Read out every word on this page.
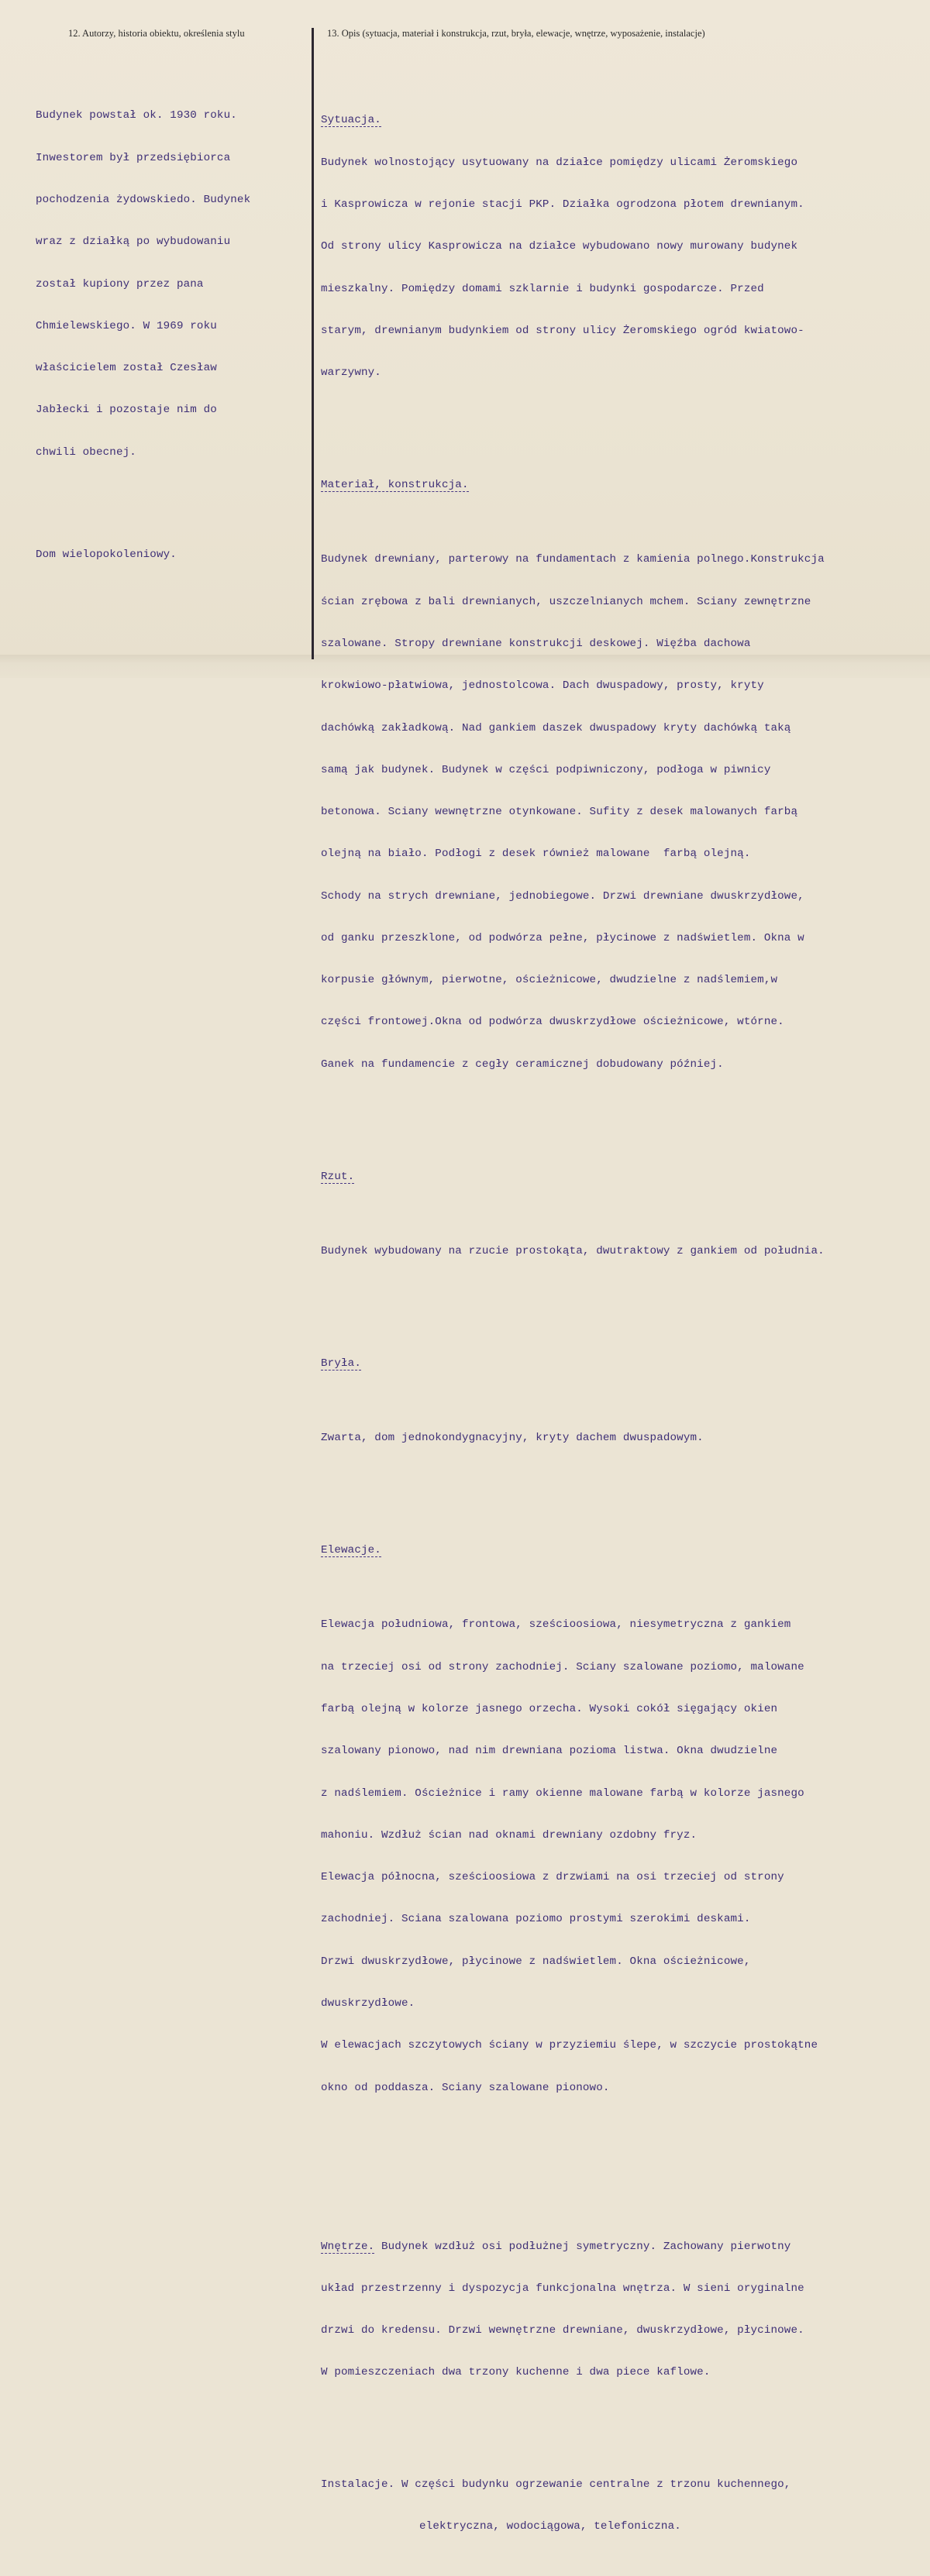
12. Autorzy, historia obiektu, określenia stylu	13. Opis (sytuacja, materiał i konstrukcja, rzut, bryła, elewacje, wnętrze, wyposażenie, instalacje)

Budynek powstał ok. 1930 roku.

Inwestorem był przedsiębiorca

pochodzenia żydowskiedo. Budynek

wraz z działką po wybudowaniu

został kupiony przez pana

Chmielewskiego. W 1969 roku

właścicielem został Czesław

Jabłecki i pozostaje nim do

chwili obecnej.

Dom wielopokoleniowy.

Sytuacja.

Budynek wolnostojący usytuowany na działce pomiędzy ulicami Żeromskiego

i Kasprowicza w rejonie stacji PKP. Działka ogrodzona płotem drewnianym.

Od strony ulicy Kasprowicza na działce wybudowano nowy murowany budynek

mieszkalny. Pomiędzy domami szklarnie i budynki gospodarcze. Przed

starym, drewnianym budynkiem od strony ulicy Żeromskiego ogród kwiatowo-

warzywny.

Materiał, konstrukcja.

Budynek drewniany, parterowy na fundamentach z kamienia polnego.Konstrukcja

ścian zrębowa z bali drewnianych, uszczelnianych mchem. Sciany zewnętrzne

szalowane. Stropy drewniane konstrukcji deskowej. Więźba dachowa

krokwiowo-płatwiowa, jednostolcowa. Dach dwuspadowy, prosty, kryty

dachówką zakładkową. Nad gankiem daszek dwuspadowy kryty dachówką taką

samą jak budynek. Budynek w części podpiwniczony, podłoga w piwnicy

betonowa. Sciany wewnętrzne otynkowane. Sufity z desek malowanych farbą

olejną na biało. Podłogi z desek również malowane  farbą olejną.

Schody na strych drewniane, jednobiegowe. Drzwi drewniane dwuskrzydłowe,

od ganku przeszklone, od podwórza pełne, płycinowe z nadświetlem. Okna w

korpusie głównym, pierwotne, ościeżnicowe, dwudzielne z nadślemiem,w

części frontowej.Okna od podwórza dwuskrzydłowe ościeżnicowe, wtórne.

Ganek na fundamencie z cegły ceramicznej dobudowany później.

Rzut.

Budynek wybudowany na rzucie prostokąta, dwutraktowy z gankiem od południa.

Bryła.

Zwarta, dom jednokondygnacyjny, kryty dachem dwuspadowym.

Elewacje.

Elewacja południowa, frontowa, sześcioosiowa, niesymetryczna z gankiem

na trzeciej osi od strony zachodniej. Sciany szalowane poziomo, malowane

farbą olejną w kolorze jasnego orzecha. Wysoki cokół sięgający okien

szalowany pionowo, nad nim drewniana pozioma listwa. Okna dwudzielne

z nadślemiem. Ościeżnice i ramy okienne malowane farbą w kolorze jasnego

mahoniu. Wzdłuż ścian nad oknami drewniany ozdobny fryz.

Elewacja północna, sześcioosiowa z drzwiami na osi trzeciej od strony

zachodniej. Sciana szalowana poziomo prostymi szerokimi deskami.

Drzwi dwuskrzydłowe, płycinowe z nadświetlem. Okna ościeżnicowe,

dwuskrzydłowe.

W elewacjach szczytowych ściany w przyziemiu ślepe, w szczycie prostokątne

okno od poddasza. Sciany szalowane pionowo.

Wnętrze. Budynek wzdłuż osi podłużnej symetryczny. Zachowany pierwotny

układ przestrzenny i dyspozycja funkcjonalna wnętrza. W sieni oryginalne

drzwi do kredensu. Drzwi wewnętrzne drewniane, dwuskrzydłowe, płycinowe.

W pomieszczeniach dwa trzony kuchenne i dwa piece kaflowe.

Instalacje. W części budynku ogrzewanie centralne z trzonu kuchennego,

elektryczna, wodociągowa, telefoniczna.
